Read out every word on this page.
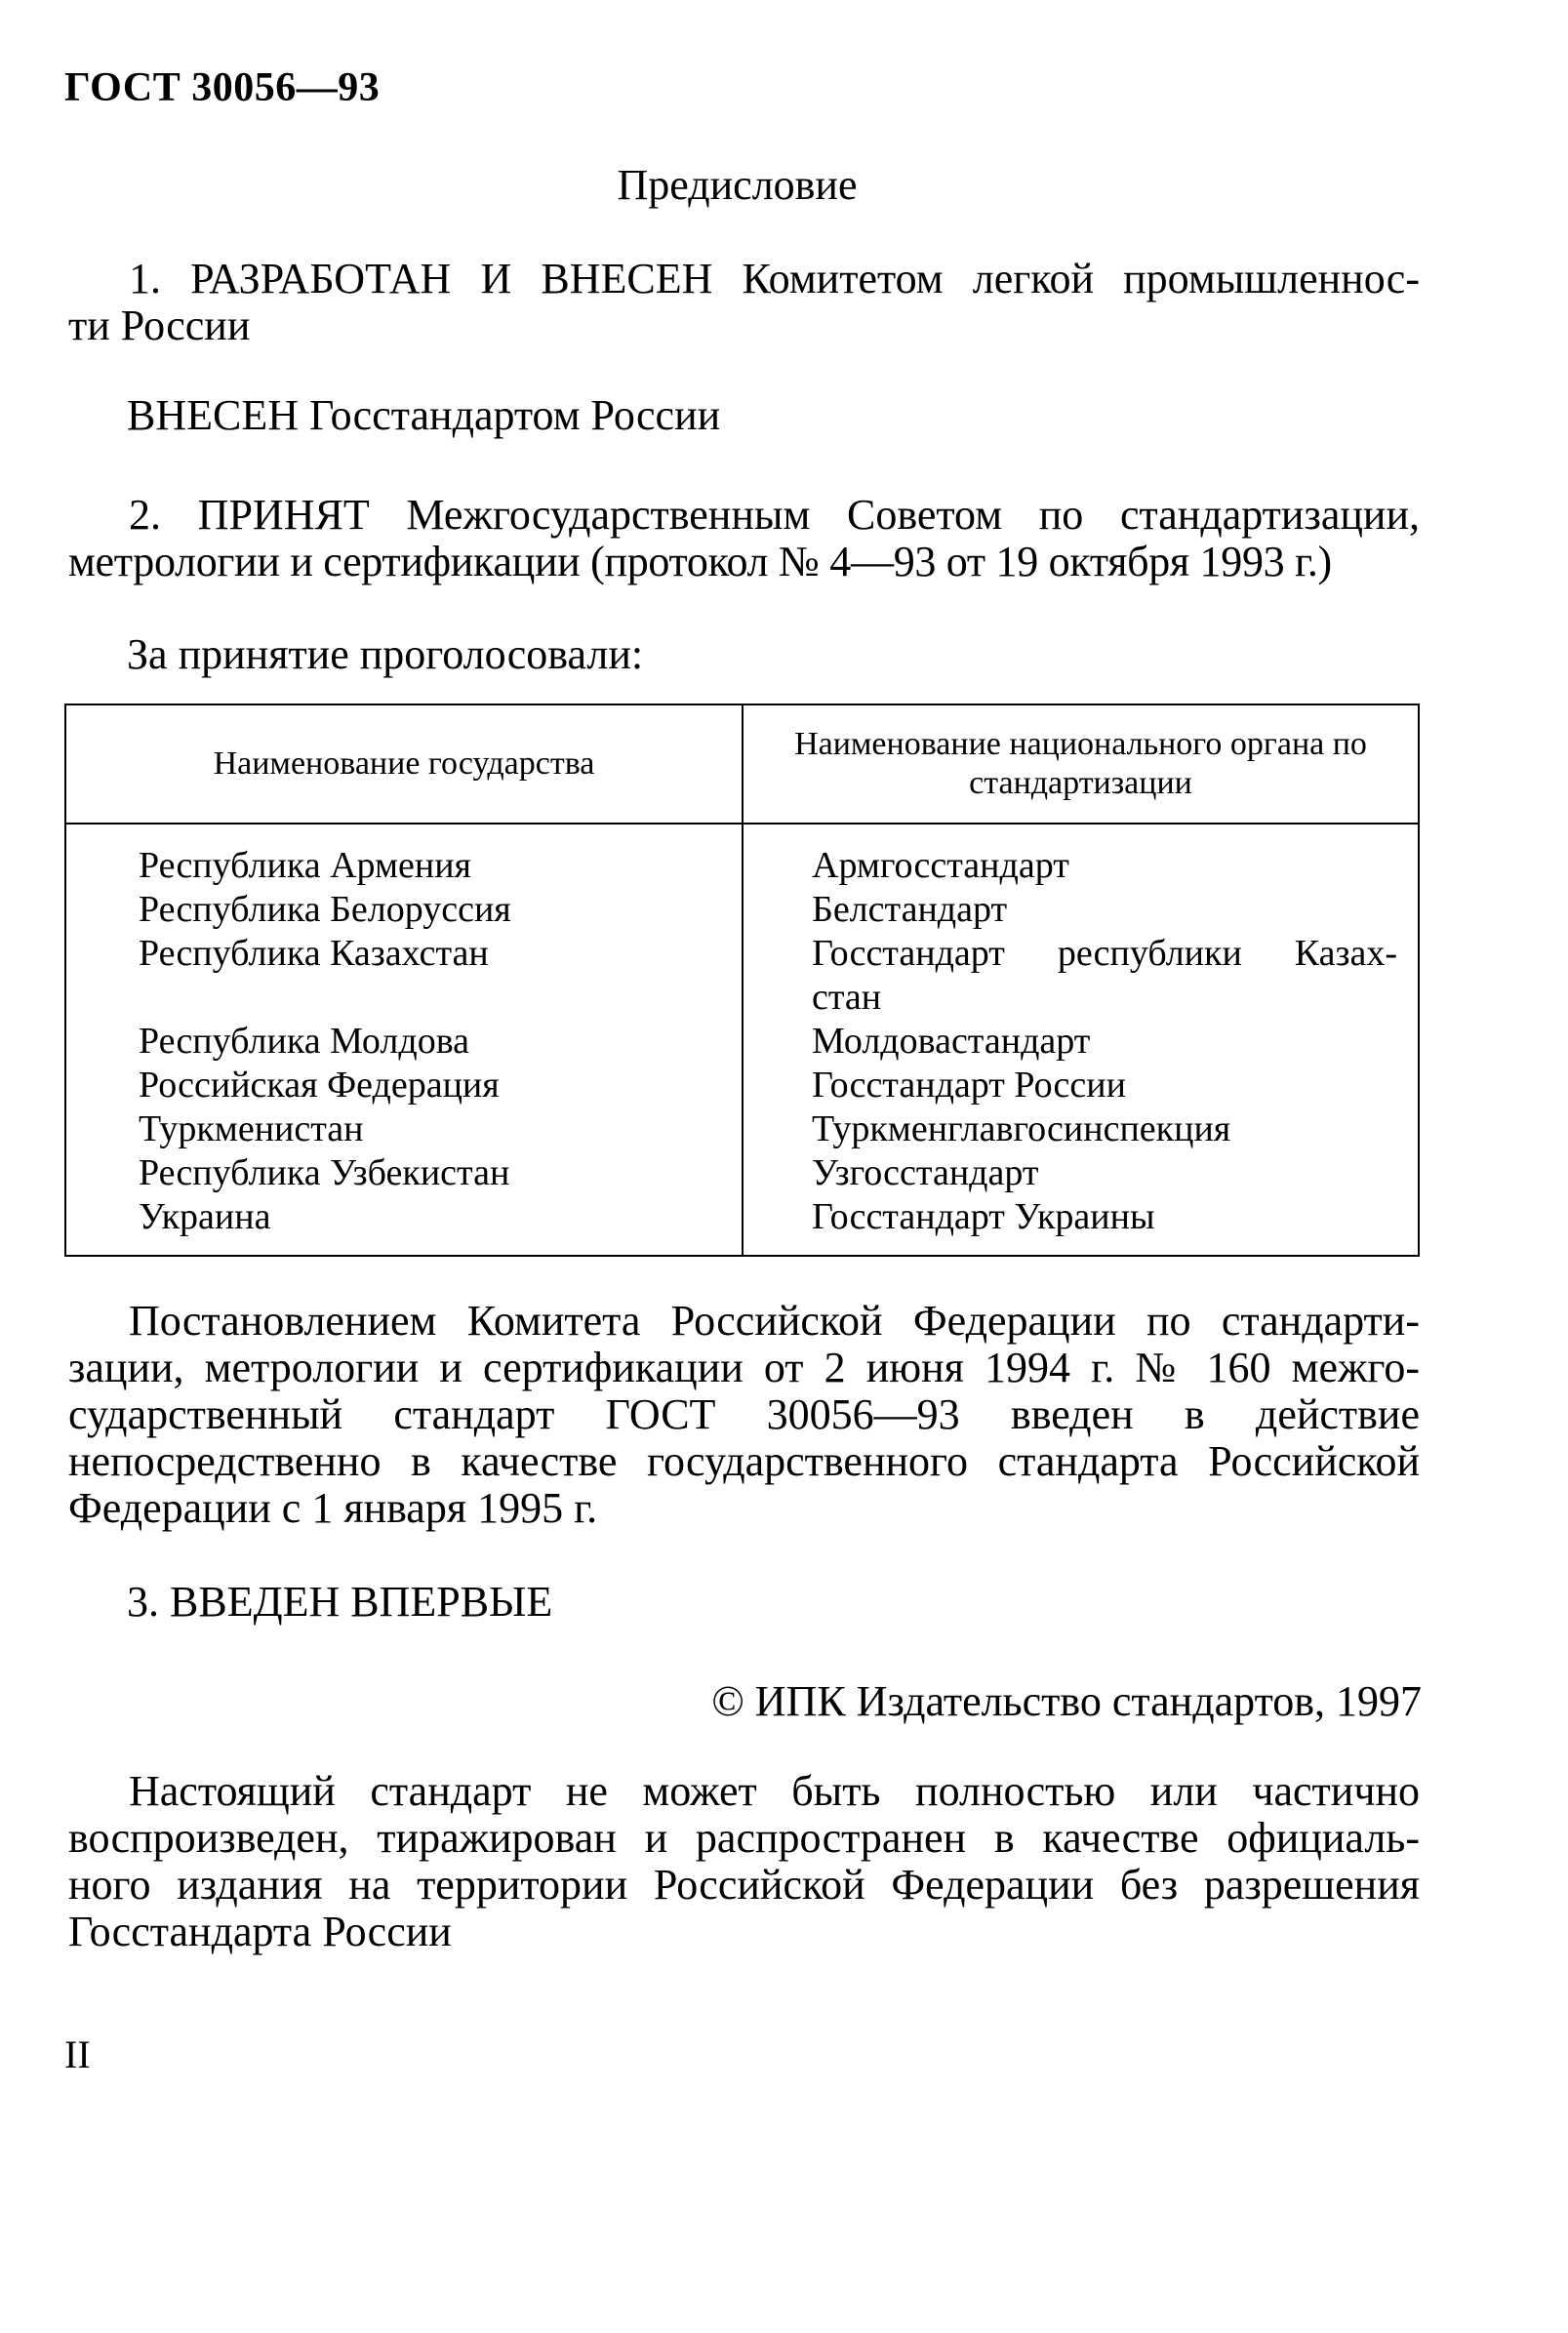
ГОСТ 30056—93
Предисловие
1. РАЗРАБОТАН И ВНЕСЕН Комитетом легкой промышленнос-
ти России
ВНЕСЕН Госстандартом России
2. ПРИНЯТ Межгосударственным Советом по стандартизации,
метрологии и сертификации (протокол № 4—93 от 19 октября 1993 г.)
За принятие проголосовали:
Наименование государства
Наименование национального органа по стандартизации
Республика Армения
Республика Белоруссия
Республика Казахстан
Республика Молдова
Российская Федерация
Туркменистан
Республика Узбекистан
Украина
Армгосстандарт
Белстандарт
Госстандарт республики Казах-
стан
Молдовастандарт
Госстандарт России
Туркменглавгосинспекция
Узгосстандарт
Госстандарт Украины
Постановлением Комитета Российской Федерации по стандарти-
зации, метрологии и сертификации от 2 июня 1994 г. № 160 межго-
сударственный стандарт ГОСТ 30056—93 введен в действие
непосредственно в качестве государственного стандарта Российской
Федерации с 1 января 1995 г.
3. ВВЕДЕН ВПЕРВЫЕ
© ИПК Издательство стандартов, 1997
Настоящий стандарт не может быть полностью или частично
воспроизведен, тиражирован и распространен в качестве официаль-
ного издания на территории Российской Федерации без разрешения
Госстандарта России
II
